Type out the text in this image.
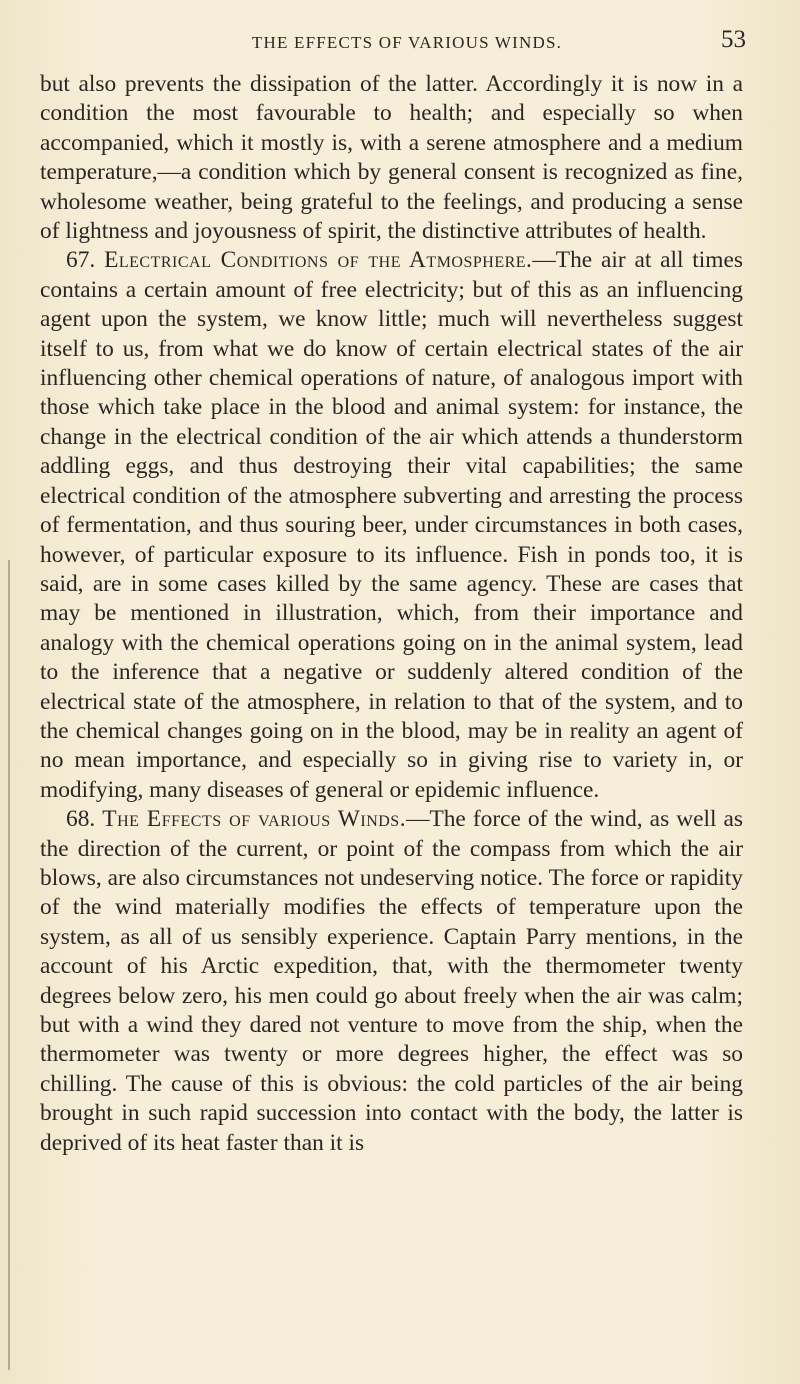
THE EFFECTS OF VARIOUS WINDS.	53

but also prevents the dissipation of the latter. Accordingly it is now in a condition the most favourable to health; and especially so when accompanied, which it mostly is, with a serene atmosphere and a medium temperature,—a condition which by general consent is recognized as fine, wholesome weather, being grateful to the feelings, and producing a sense of lightness and joyousness of spirit, the distinctive attributes of health.

67. Electrical Conditions of the Atmosphere.—The air at all times contains a certain amount of free electricity; but of this as an influencing agent upon the system, we know little; much will nevertheless suggest itself to us, from what we do know of certain electrical states of the air influencing other chemical operations of nature, of analogous import with those which take place in the blood and animal system: for instance, the change in the electrical condition of the air which attends a thunderstorm addling eggs, and thus destroying their vital capabilities; the same electrical condition of the atmosphere subverting and arresting the process of fermentation, and thus souring beer, under circumstances in both cases, however, of particular exposure to its influence. Fish in ponds too, it is said, are in some cases killed by the same agency. These are cases that may be mentioned in illustration, which, from their importance and analogy with the chemical operations going on in the animal system, lead to the inference that a negative or suddenly altered condition of the electrical state of the atmosphere, in relation to that of the system, and to the chemical changes going on in the blood, may be in reality an agent of no mean importance, and especially so in giving rise to variety in, or modifying, many diseases of general or epidemic influence.

68. The Effects of various Winds.—The force of the wind, as well as the direction of the current, or point of the compass from which the air blows, are also circumstances not undeserving notice. The force or rapidity of the wind materially modifies the effects of temperature upon the system, as all of us sensibly experience. Captain Parry mentions, in the account of his Arctic expedition, that, with the thermometer twenty degrees below zero, his men could go about freely when the air was calm; but with a wind they dared not venture to move from the ship, when the thermometer was twenty or more degrees higher, the effect was so chilling. The cause of this is obvious: the cold particles of the air being brought in such rapid succession into contact with the body, the latter is deprived of its heat faster than it is
